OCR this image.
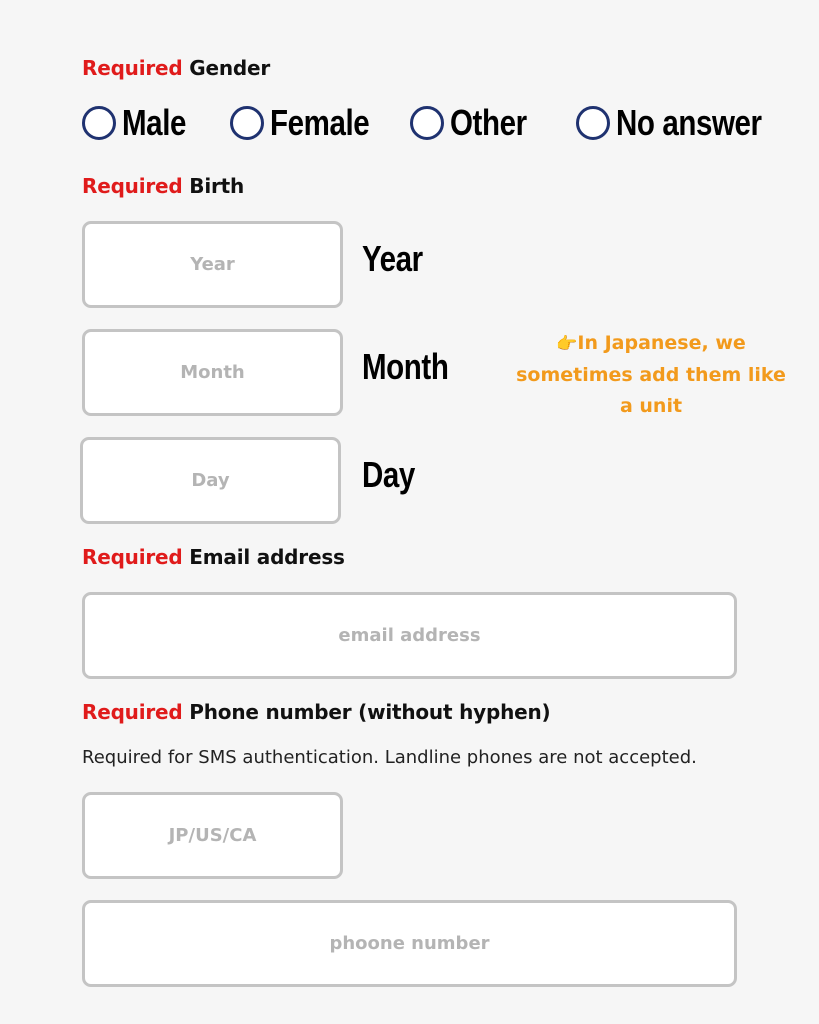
Required Gender
Male	Female Other	No answer
Required Birth
Year
Year
Month
Month
Day
Day
👉In Japanese, we
sometimes add them like
a unit
Required Email address
email address
Required Phone number (without hyphen)
Required for SMS authentication. Landline phones are not accepted.
JP/US/CA
phoone number
